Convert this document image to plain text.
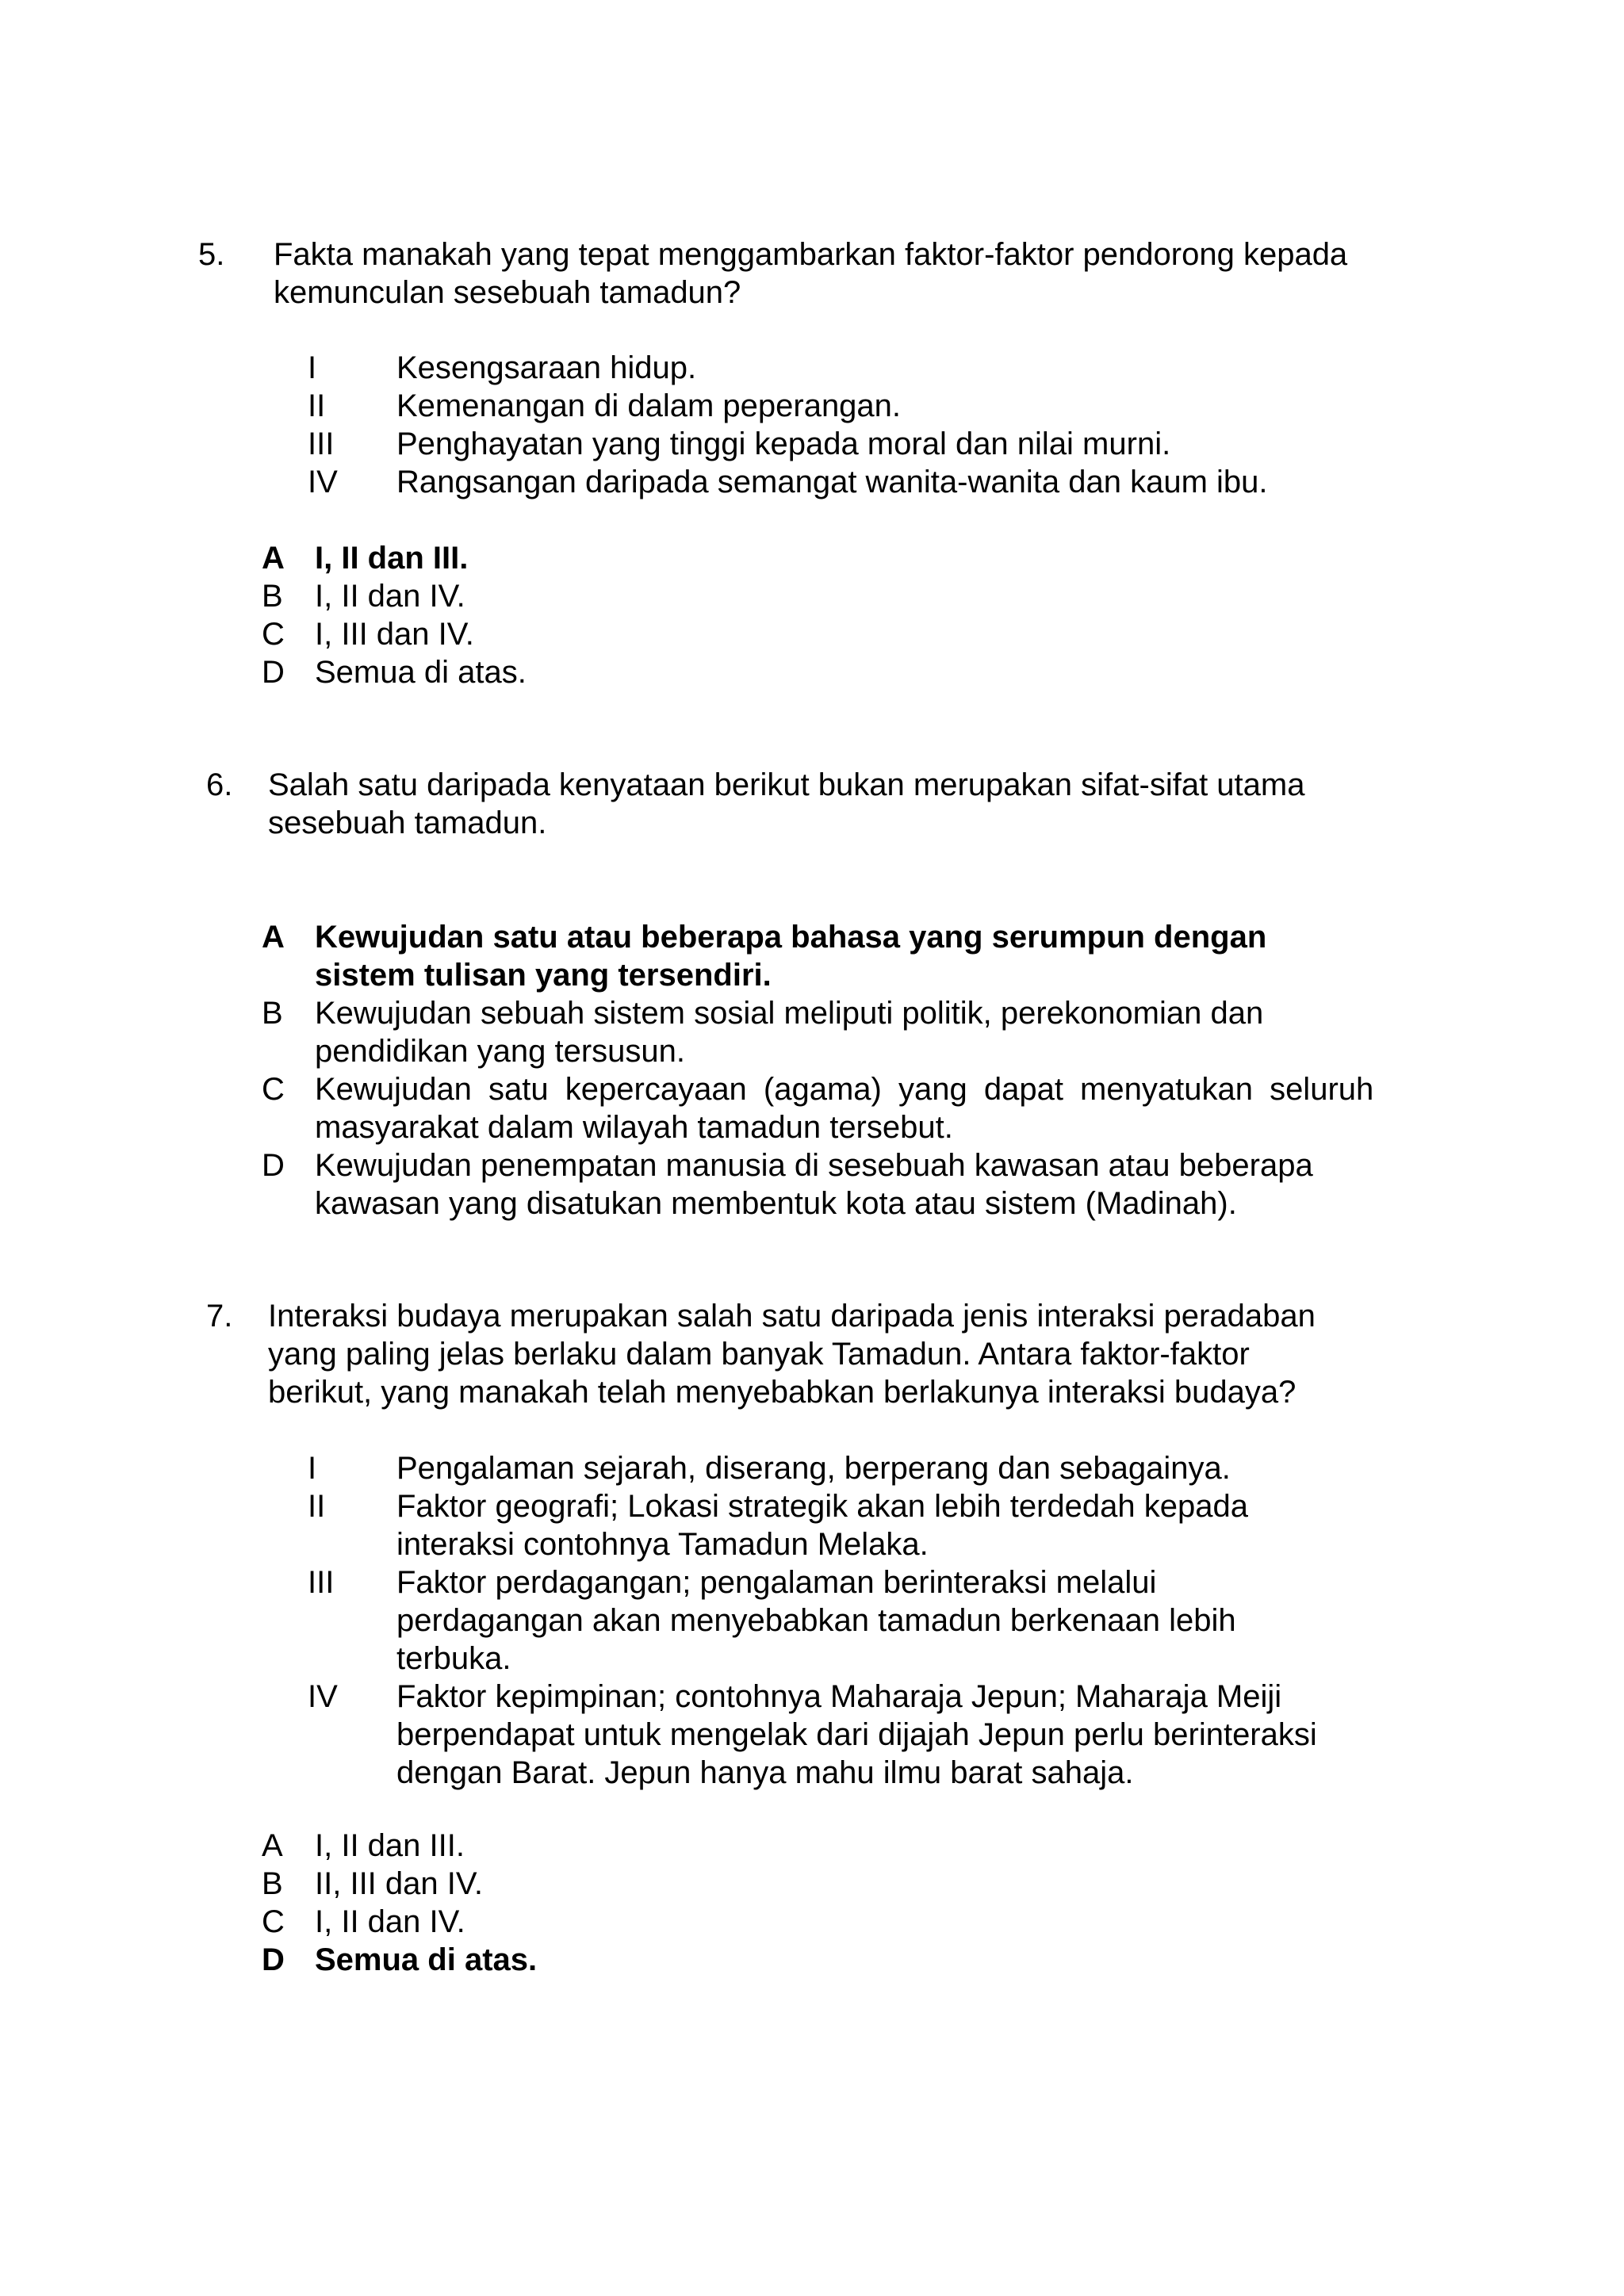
5. Fakta manakah yang tepat menggambarkan faktor-faktor pendorong kepada
kemunculan sesebuah tamadun?
I	Kesengsaraan hidup.
II Kemenangan di dalam peperangan.
III Penghayatan yang tinggi kepada moral dan nilai murni.
IV Rangsangan daripada semangat wanita-wanita dan kaum ibu.
A I, II dan III.
B I, II dan IV.
C I, III dan IV.
D Semua di atas.
6. Salah satu daripada kenyataan berikut bukan merupakan sifat-sifat utama
sesebuah tamadun.
A Kewujudan satu atau beberapa bahasa yang serumpun dengan
sistem tulisan yang tersendiri.
B Kewujudan sebuah sistem sosial meliputi politik, perekonomian dan
pendidikan yang tersusun.
C Kewujudan satu kepercayaan (agama) yang dapat menyatukan seluruh
masyarakat dalam wilayah tamadun tersebut.
D Kewujudan penempatan manusia di sesebuah kawasan atau beberapa
kawasan yang disatukan membentuk kota atau sistem (Madinah).
7. Interaksi budaya merupakan salah satu daripada jenis interaksi peradaban
yang paling jelas berlaku dalam banyak Tamadun. Antara faktor-faktor
berikut, yang manakah telah menyebabkan berlakunya interaksi budaya?
I	Pengalaman sejarah, diserang, berperang dan sebagainya.
II Faktor geografi; Lokasi strategik akan lebih terdedah kepada
interaksi contohnya Tamadun Melaka.
III Faktor perdagangan; pengalaman berinteraksi melalui
perdagangan akan menyebabkan tamadun berkenaan lebih
terbuka.
IV Faktor kepimpinan; contohnya Maharaja Jepun; Maharaja Meiji
berpendapat untuk mengelak dari dijajah Jepun perlu berinteraksi
dengan Barat. Jepun hanya mahu ilmu barat sahaja.
A I, II dan III.
B II, III dan IV.
C I, II dan IV.
D Semua di atas.
